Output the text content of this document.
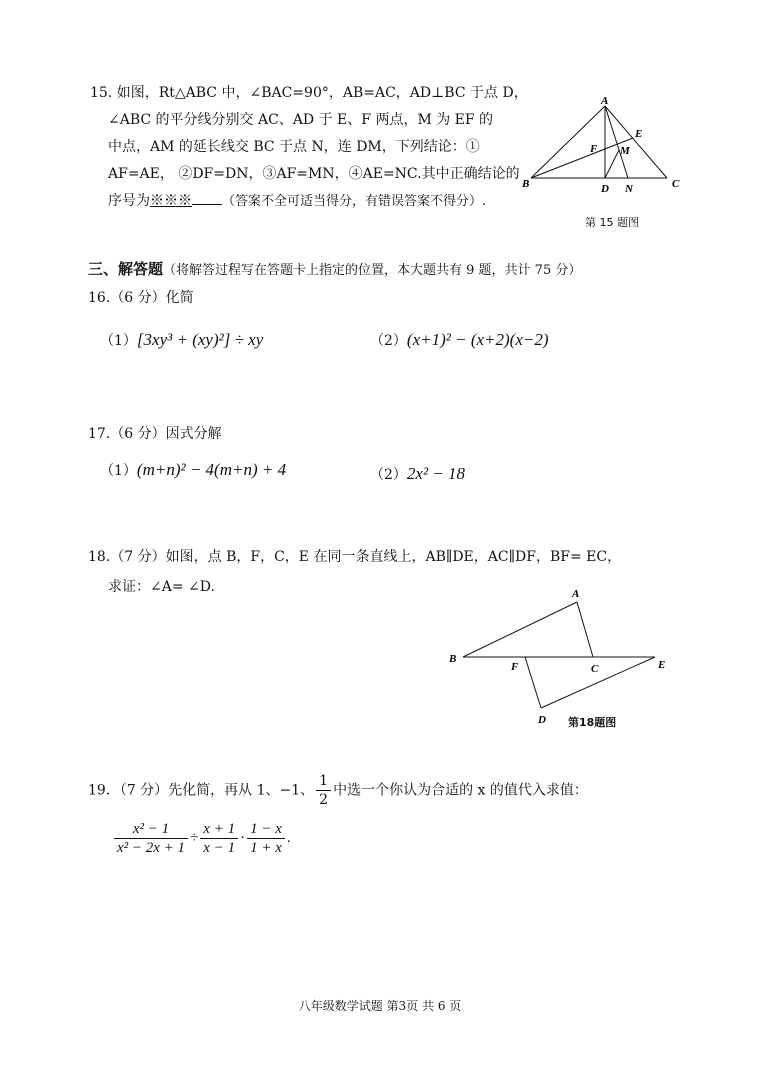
15. 如图，Rt△ABC 中，∠BAC=90°，AB=AC，AD⊥BC 于点 D，
∠ABC 的平分线分别交 AC、AD 于 E、F 两点，M 为 EF 的
中点，AM 的延长线交 BC 于点 N，连 DM，下列结论：①
AF=AE， ②DF=DN，③AF=MN，④AE=NC.其中正确结论的
序号为※※※ （答案不全可适当得分，有错误答案不得分）.
A
B	C
D
E
F M
N
第 15 题图
三、解答题（将解答过程写在答题卡上指定的位置，本大题共有 9 题，共计 75 分）
16.（6 分）化简
（1）[3xy³ + (xy)²] ÷ xy	（2）(x+1)² − (x+2)(x−2)
17.（6 分）因式分解
（1）(m+n)² − 4(m+n) + 4	（2）2x² − 18
18.（7 分）如图，点 B，F，C，E 在同一条直线上，AB∥DE，AC∥DF，BF= EC，
求证：∠A= ∠D.	A
B
C
D
E
F
第18题图
19．（7 分）先化简，再从 1、−1、 $\frac{1}{2}$ 中选一个你认为合适的 x 的值代入求值：
$\frac{\text{x² − 1}}{\text{x² − 2x + 1}} \div \frac{x + 1}{x - 1} \cdot \frac{1 - x}{1 + x}$ .
八年级数学试题 第3页 共 6 页
